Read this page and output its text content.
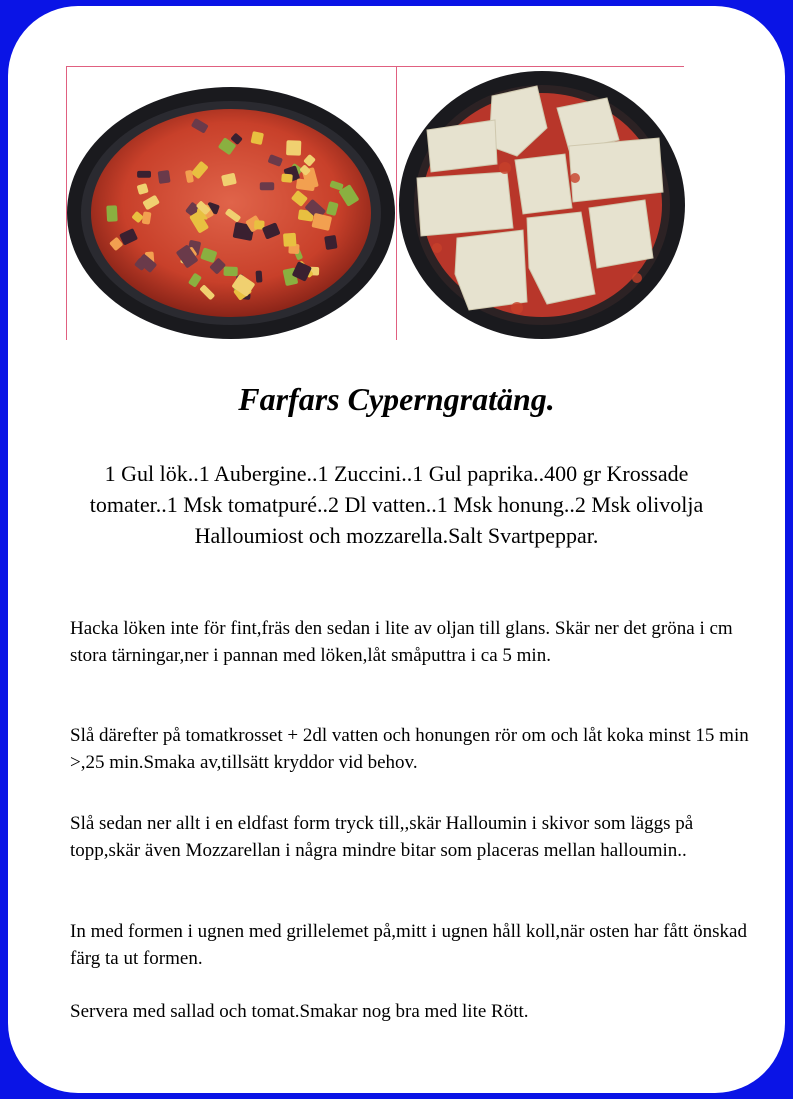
Farfars Cyperngratäng.

1 Gul lök..1 Aubergine..1 Zuccini..1 Gul paprika..400 gr Krossade tomater..1 Msk tomatpuré..2 Dl vatten..1 Msk honung..2 Msk olivolja Halloumiost och mozzarella.Salt Svartpeppar.

Hacka löken inte för fint,fräs den sedan i lite av oljan till glans. Skär ner det gröna i cm stora tärningar,ner i pannan med löken,låt småputtra i ca 5 min.

Slå därefter på tomatkrosset + 2dl vatten och honungen rör om och låt koka minst 15 min >,25 min.Smaka av,tillsätt kryddor vid behov.

Slå sedan ner allt i en eldfast form tryck till,,skär Halloumin i skivor som läggs på topp,skär även Mozzarellan i några mindre bitar som placeras mellan halloumin..

In med formen i ugnen med grillelemet på,mitt i ugnen håll koll,när osten har fått önskad färg ta ut formen.

Servera med sallad och tomat.Smakar nog bra med lite Rött.
